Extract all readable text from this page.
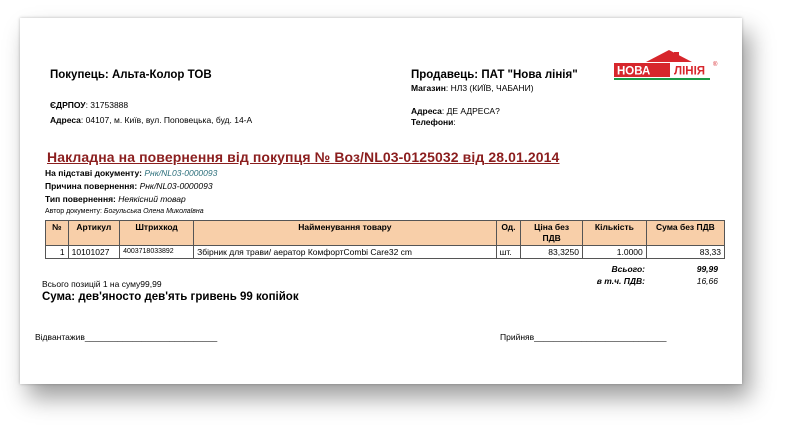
Покупець: Альта-Колор ТОВ
ЄДРПОУ: 31753888
Адреса: 04107, м. Київ, вул. Поповецька, буд. 14-А
Продавець: ПАТ "Нова лінія"
Магазин: НЛ3 (КИЇВ, ЧАБАНИ)
Адреса: ДЕ АДРЕСА?
Телефони:
НОВА ЛІНІЯ
®
Накладна на повернення від покупця № Воз/NL03-0125032 від 28.01.2014
На підставі документу: Рнк/NL03-0000093
Причина повернення: Рнк/NL03-0000093
Тип повернення: Неякісний товар
Автор документу: Богульська Олена Миколаївна
№	Артикул	Штрихкод	Найменування товару	Од.	Ціна без ПДВ	Кількість	Сума без ПДВ
1	10101027	4003718033892	Збірник для трави/ аератор КомфортCombi Care32 cm	шт.	83,3250	1.0000	83,33
Всього:	99,99
в т.ч. ПДВ:	16,66
Всього позицій 1 на суму99,99
Сума: дев'яносто дев'ять гривень 99 копійок
Відвантажив____________________________	Прийняв____________________________
